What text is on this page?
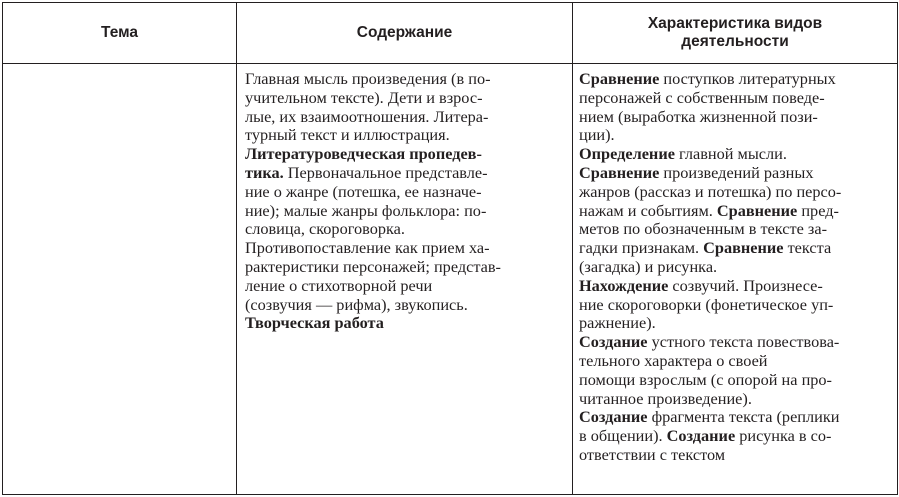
Тема	Содержание
Характеристика видов
деятельности
Главная мысль произведения (в по-
учительном тексте). Дети и взрос-
лые, их взаимоотношения. Литера-
турный текст и иллюстрация.
Литературоведческая пропедев-
тика. Первоначальное представле-
ние о жанре (потешка, ее назначе-
ние); малые жанры фольклора: по-
словица, скороговорка.
Противопоставление как прием ха-
рактеристики персонажей; представ-
ление о стихотворной речи
(созвучия — рифма), звукопись.
Творческая работа
Сравнение поступков литературных
персонажей с собственным поведе-
нием (выработка жизненной пози-
ции).
Определение главной мысли.
Сравнение произведений разных
жанров (рассказ и потешка) по персо-
нажам и событиям. Сравнение пред-
метов по обозначенным в тексте за-
гадки признакам. Сравнение текста
(загадка) и рисунка.
Нахождение созвучий. Произнесе-
ние скороговорки (фонетическое уп-
ражнение).
Создание устного текста повествова-
тельного характера о своей
помощи взрослым (с опорой на про-
читанное произведение).
Создание фрагмента текста (реплики
в общении). Создание рисунка в со-
ответствии с текстом
